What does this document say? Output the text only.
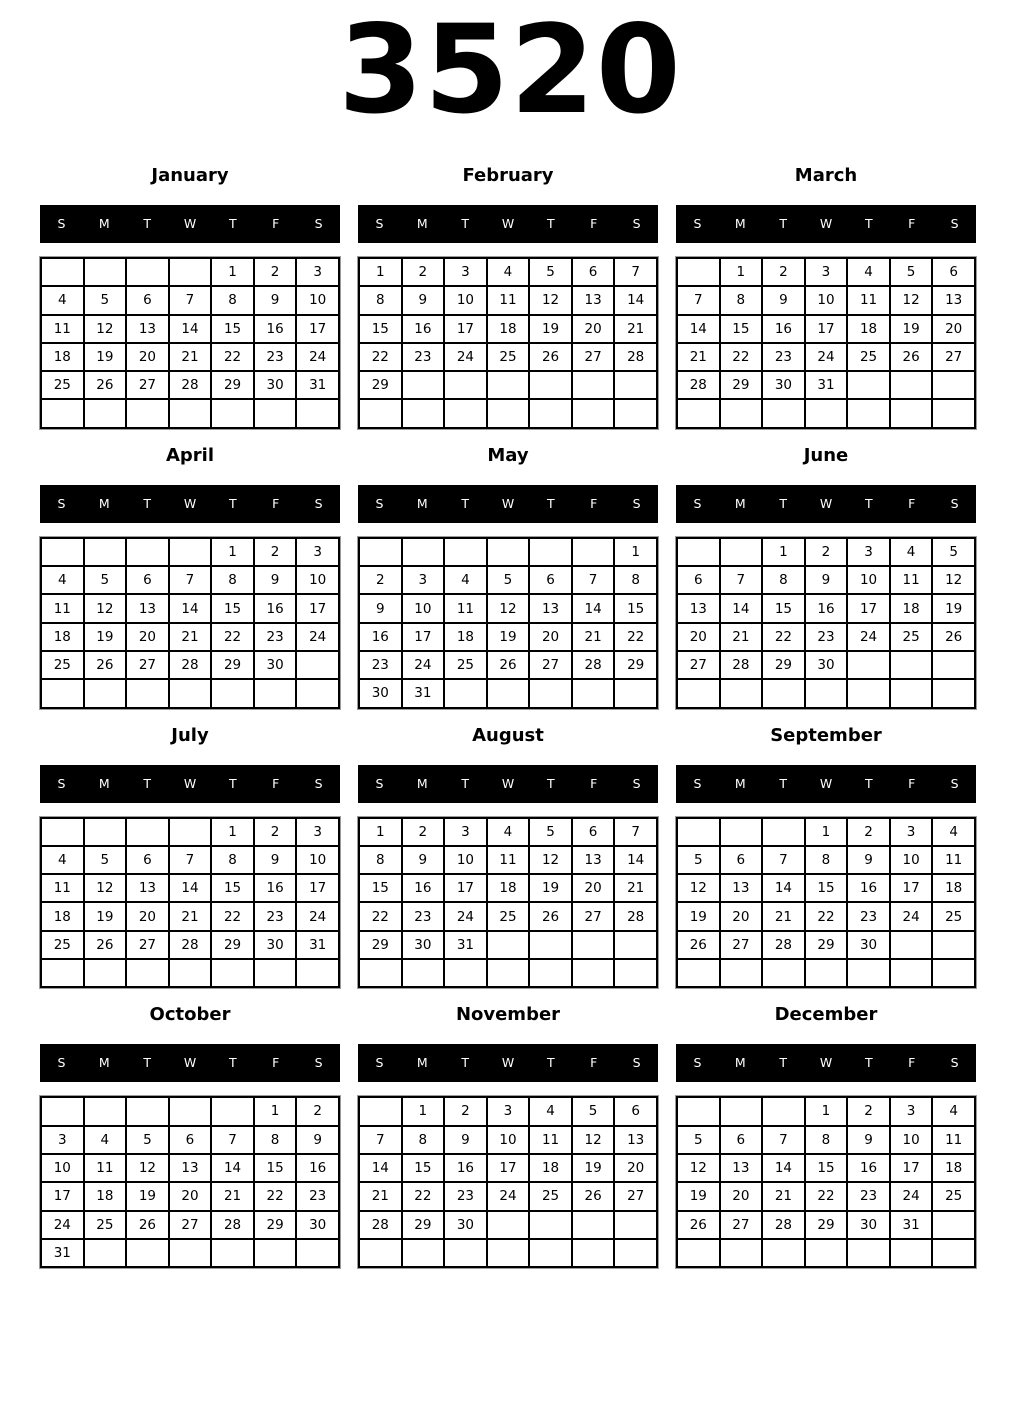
3520
January
S	M	T	W	T	F	S
				1	2	3
4	5	6	7	8	9	10
11	12	13	14	15	16	17
18	19	20	21	22	23	24
25	26	27	28	29	30	31

February
S	M	T	W	T	F	S
1	2	3	4	5	6	7
8	9	10	11	12	13	14
15	16	17	18	19	20	21
22	23	24	25	26	27	28
29						

March
S	M	T	W	T	F	S
	1	2	3	4	5	6
7	8	9	10	11	12	13
14	15	16	17	18	19	20
21	22	23	24	25	26	27
28	29	30	31			

April
S	M	T	W	T	F	S
				1	2	3
4	5	6	7	8	9	10
11	12	13	14	15	16	17
18	19	20	21	22	23	24
25	26	27	28	29	30	

May
S	M	T	W	T	F	S
						1
2	3	4	5	6	7	8
9	10	11	12	13	14	15
16	17	18	19	20	21	22
23	24	25	26	27	28	29
30	31					
June
S	M	T	W	T	F	S
		1	2	3	4	5
6	7	8	9	10	11	12
13	14	15	16	17	18	19
20	21	22	23	24	25	26
27	28	29	30			

July
S	M	T	W	T	F	S
				1	2	3
4	5	6	7	8	9	10
11	12	13	14	15	16	17
18	19	20	21	22	23	24
25	26	27	28	29	30	31

August
S	M	T	W	T	F	S
1	2	3	4	5	6	7
8	9	10	11	12	13	14
15	16	17	18	19	20	21
22	23	24	25	26	27	28
29	30	31				

September
S	M	T	W	T	F	S
			1	2	3	4
5	6	7	8	9	10	11
12	13	14	15	16	17	18
19	20	21	22	23	24	25
26	27	28	29	30		

October
S	M	T	W	T	F	S
					1	2
3	4	5	6	7	8	9
10	11	12	13	14	15	16
17	18	19	20	21	22	23
24	25	26	27	28	29	30
31						
November
S	M	T	W	T	F	S
	1	2	3	4	5	6
7	8	9	10	11	12	13
14	15	16	17	18	19	20
21	22	23	24	25	26	27
28	29	30				

December
S	M	T	W	T	F	S
			1	2	3	4
5	6	7	8	9	10	11
12	13	14	15	16	17	18
19	20	21	22	23	24	25
26	27	28	29	30	31	
